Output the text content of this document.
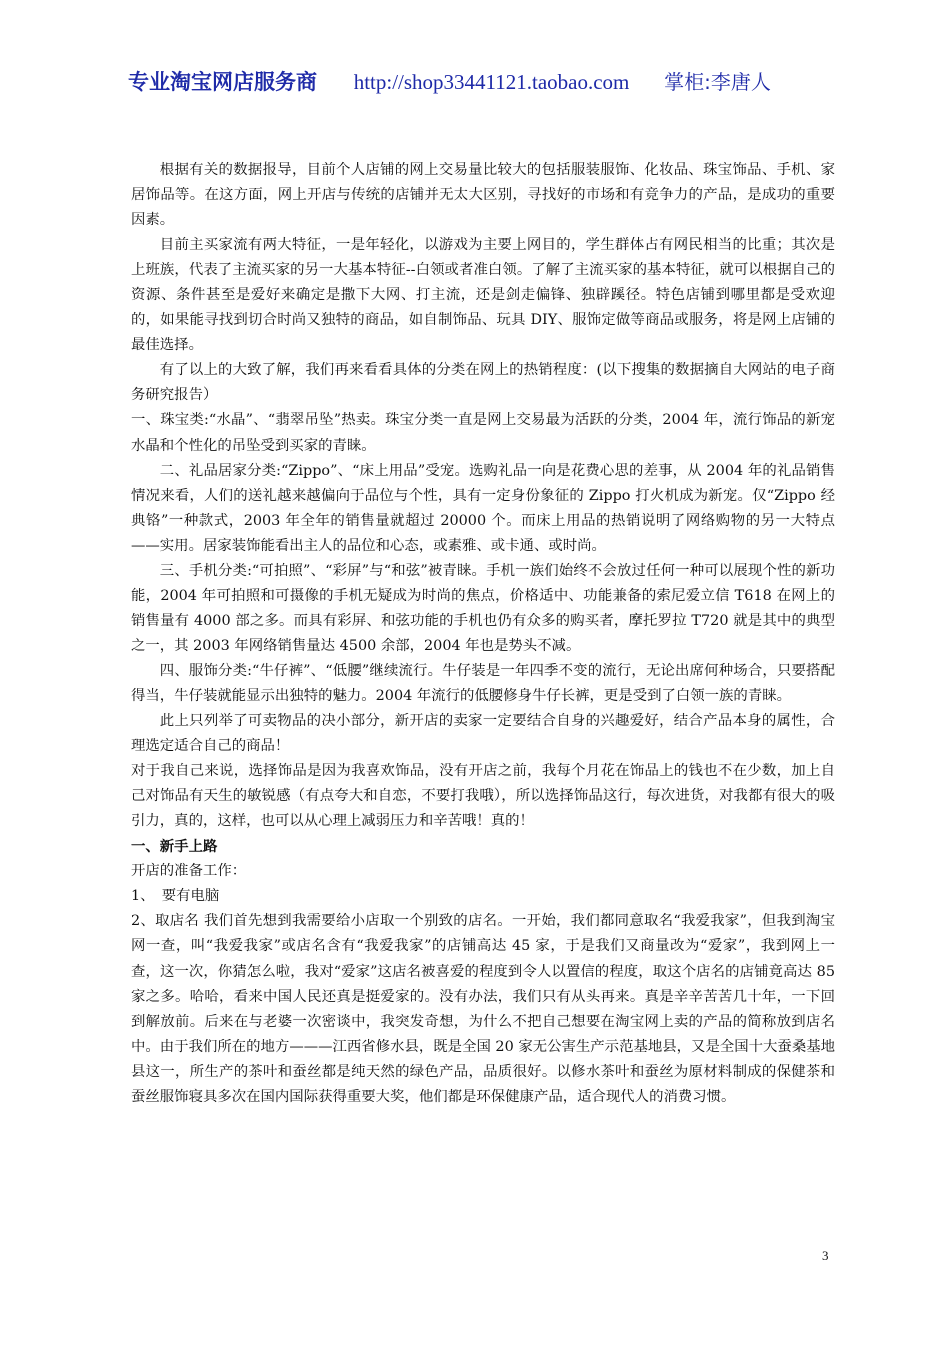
专业淘宝网店服务商 http://shop33441121.taobao.com 掌柜:李唐人

根据有关的数据报导，目前个人店铺的网上交易量比较大的包括服装服饰、化妆品、珠宝饰品、手机、家居饰品等。在这方面，网上开店与传统的店铺并无太大区别，寻找好的市场和有竞争力的产品，是成功的重要因素。

目前主买家流有两大特征，一是年轻化，以游戏为主要上网目的，学生群体占有网民相当的比重；其次是上班族，代表了主流买家的另一大基本特征--白领或者准白领。了解了主流买家的基本特征，就可以根据自己的资源、条件甚至是爱好来确定是撒下大网、打主流，还是剑走偏锋、独辟蹊径。特色店铺到哪里都是受欢迎的，如果能寻找到切合时尚又独特的商品，如自制饰品、玩具 DIY、服饰定做等商品或服务，将是网上店铺的最佳选择。

有了以上的大致了解，我们再来看看具体的分类在网上的热销程度：(以下搜集的数据摘自大网站的电子商务研究报告）

一、珠宝类:“水晶”、“翡翠吊坠”热卖。珠宝分类一直是网上交易最为活跃的分类，2004 年，流行饰品的新宠水晶和个性化的吊坠受到买家的青睐。

二、礼品居家分类:“Zippo”、“床上用品”受宠。选购礼品一向是花费心思的差事，从 2004 年的礼品销售情况来看，人们的送礼越来越偏向于品位与个性，具有一定身份象征的 Zippo 打火机成为新宠。仅“Zippo 经典铬”一种款式，2003 年全年的销售量就超过 20000 个。而床上用品的热销说明了网络购物的另一大特点——实用。居家装饰能看出主人的品位和心态，或素雅、或卡通、或时尚。

三、手机分类:“可拍照”、“彩屏”与“和弦”被青睐。手机一族们始终不会放过任何一种可以展现个性的新功能，2004 年可拍照和可摄像的手机无疑成为时尚的焦点，价格适中、功能兼备的索尼爱立信 T618 在网上的销售量有 4000 部之多。而具有彩屏、和弦功能的手机也仍有众多的购买者，摩托罗拉 T720 就是其中的典型之一，其 2003 年网络销售量达 4500 余部，2004 年也是势头不减。

四、服饰分类:“牛仔裤”、“低腰”继续流行。牛仔装是一年四季不变的流行，无论出席何种场合，只要搭配得当，牛仔装就能显示出独特的魅力。2004 年流行的低腰修身牛仔长裤，更是受到了白领一族的青睐。

此上只列举了可卖物品的决小部分，新开店的卖家一定要结合自身的兴趣爱好，结合产品本身的属性，合理选定适合自己的商品！

对于我自己来说，选择饰品是因为我喜欢饰品，没有开店之前，我每个月花在饰品上的钱也不在少数，加上自己对饰品有天生的敏锐感（有点夸大和自恋，不要打我哦），所以选择饰品这行，每次进货，对我都有很大的吸引力，真的，这样，也可以从心理上减弱压力和辛苦哦！真的！

一、新手上路

开店的准备工作：

1、　要有电脑

2、取店名 我们首先想到我需要给小店取一个别致的店名。一开始，我们都同意取名“我爱我家”，但我到淘宝网一查，叫“我爱我家”或店名含有“我爱我家”的店铺高达 45 家，于是我们又商量改为“爱家”，我到网上一查，这一次，你猜怎么啦，我对“爱家”这店名被喜爱的程度到令人以置信的程度，取这个店名的店铺竟高达 85 家之多。哈哈，看来中国人民还真是挺爱家的。没有办法，我们只有从头再来。真是辛辛苦苦几十年，一下回到解放前。后来在与老婆一次密谈中，我突发奇想，为什么不把自己想要在淘宝网上卖的产品的简称放到店名中。由于我们所在的地方———江西省修水县，既是全国 20 家无公害生产示范基地县，又是全国十大蚕桑基地县这一，所生产的茶叶和蚕丝都是纯天然的绿色产品，品质很好。以修水茶叶和蚕丝为原材料制成的保健茶和蚕丝服饰寝具多次在国内国际获得重要大奖，他们都是环保健康产品，适合现代人的消费习惯。

3
